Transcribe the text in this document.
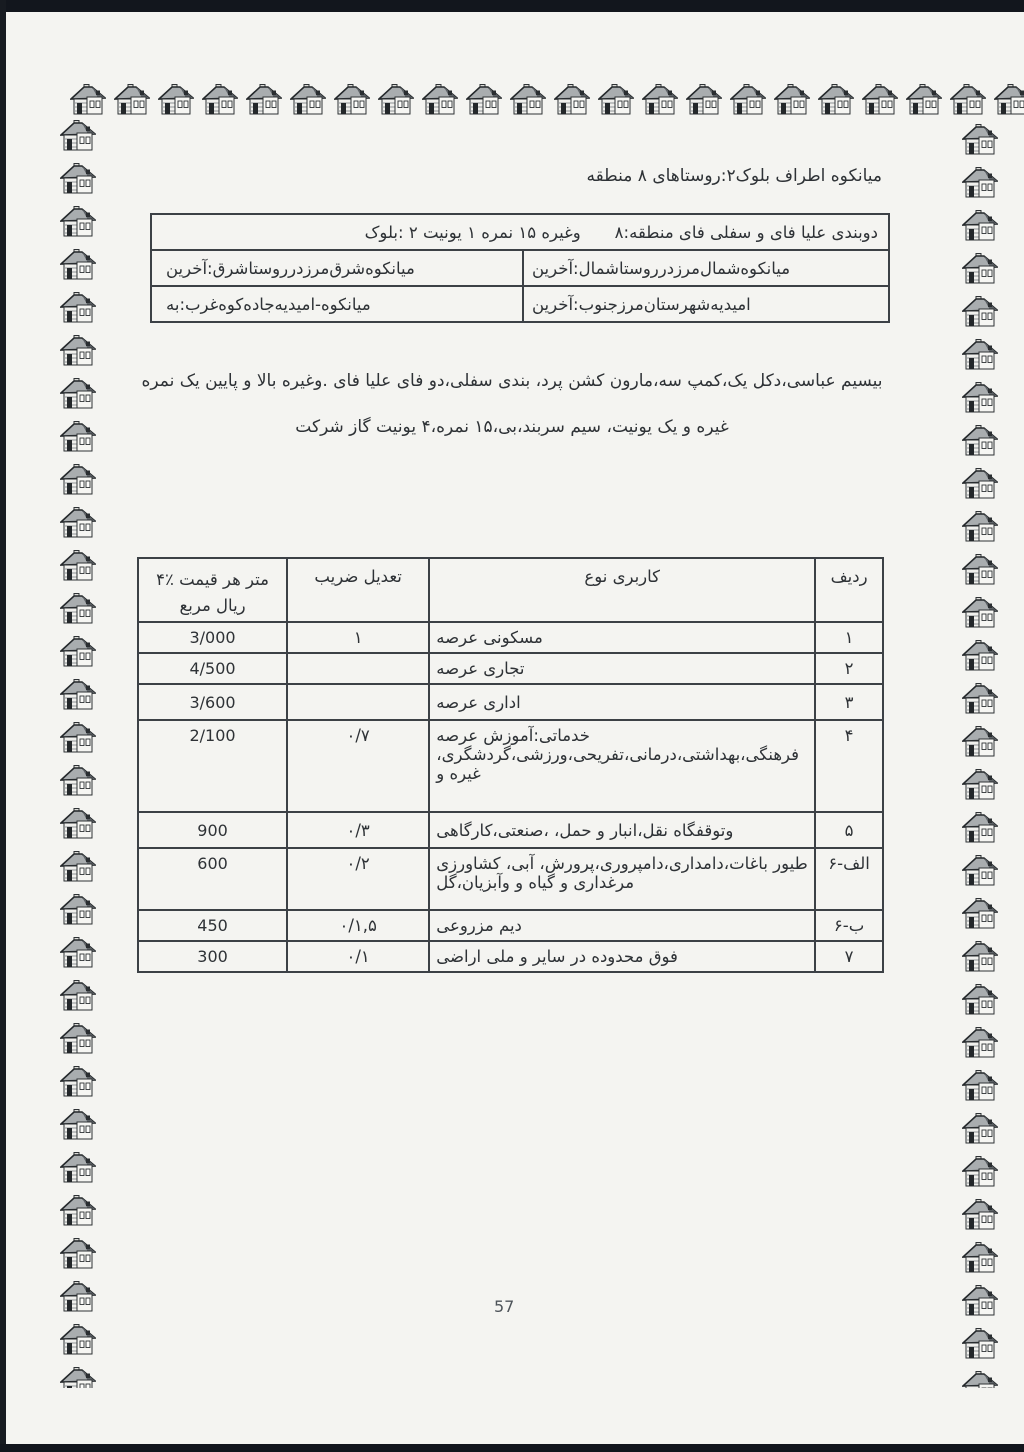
منطقه ۸ بلوک۲:روستاهای اطراف میانکوه
بلوک: ۲ یونیت ۱ نمره ۱۵ وغیره منطقه:۸ فای سفلی و فای علیا دوبندی
شرق:آخرین روستا در مرز شرق میانکوه	شمال:آخرین روستا در مرز شمال میانکوه
غرب:به کوه جاده امیدیه - میانکوه	جنوب:آخرین مرز شهرستان امیدیه
نمره یک پایین و بالا وغیره. فای علیا فای سفلی،دو بندی ،پرد کشن سه،مارون یک،کمپ عباسی،دکل بیسیم
شرکت گاز یونیت ۴،نمره ۱۵،سربند،بی سیم ،یونیت یک و غیره
۴٪ قیمت هر متر
مربع ریال	ضریب تعدیل	نوع کاربری	ردیف
3/000	۱	عرصه مسکونی	۱
4/500		عرصه تجاری	۲
3/600		عرصه اداری	۳
2/100	۰/۷	عرصه خدماتی:آموزش ،فرهنگی،بهداشتی،درمانی،تفریحی،ورزشی،گردشگری و غیره	۴
900	۰/۳	صنعتی،کارگاهی، ،حمل و نقل،انبار وتوقفگاه	۵
600	۰/۲	کشاورزی ،آبی ،باغات،دامداری،دامپروری،پرورش طیور وآبزیان،گل و گیاه و مرغداری	۶-الف
450	۰/۱,۵	مزروعی دیم	۶-ب
300	۰/۱	اراضی ملی و سایر در محدوده فوق	۷
57
